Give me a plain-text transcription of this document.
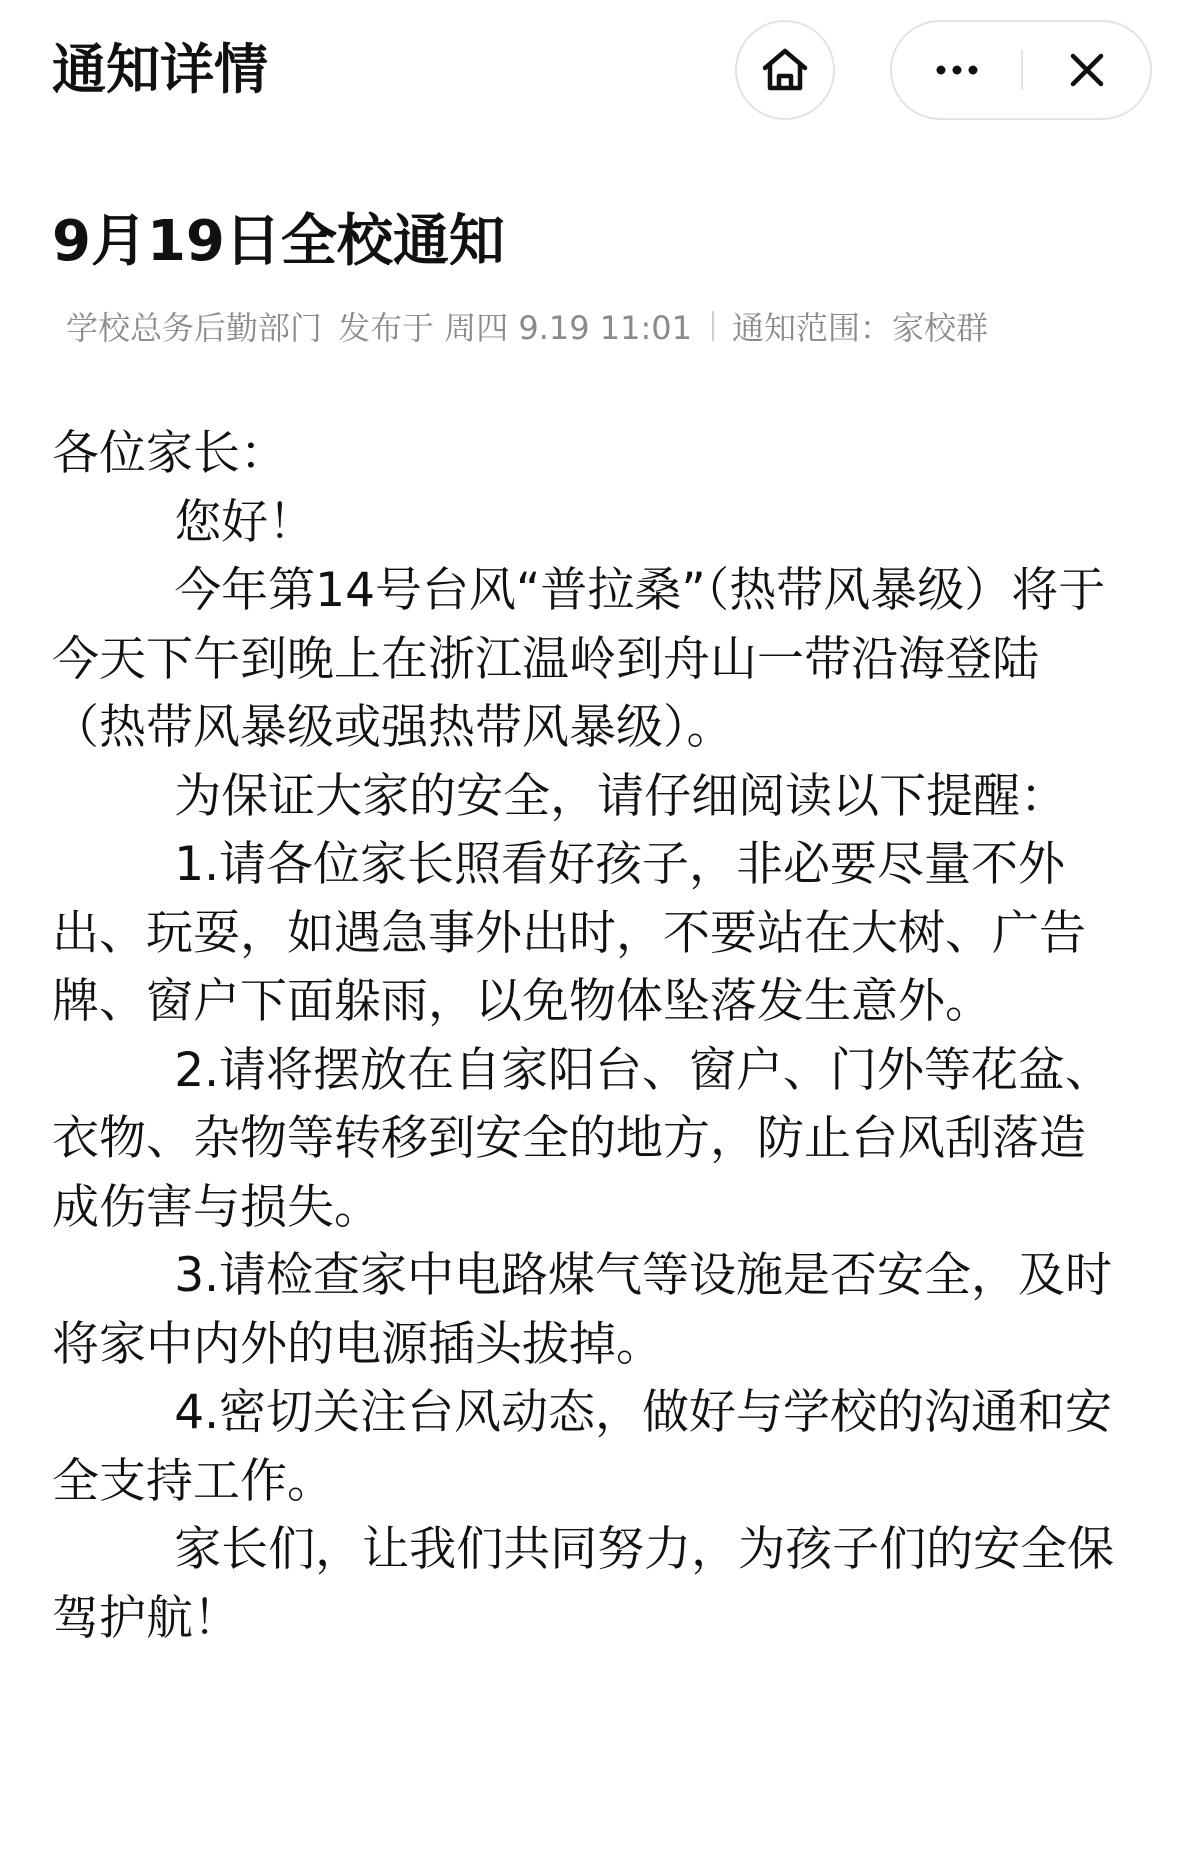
通知详情
9月19日全校通知
学校总务后勤部门 发布于 周四 9.19 11:01 通知范围：家校群

各位家长：

您好！

今年第14号台风“普拉桑”（热带风暴级）将于今天下午到晚上在浙江温岭到舟山一带沿海登陆（热带风暴级或强热带风暴级）。

为保证大家的安全，请仔细阅读以下提醒：

1.请各位家长照看好孩子，非必要尽量不外出、玩耍，如遇急事外出时，不要站在大树、广告牌、窗户下面躲雨，以免物体坠落发生意外。

2.请将摆放在自家阳台、窗户、门外等花盆、衣物、杂物等转移到安全的地方，防止台风刮落造成伤害与损失。

3.请检查家中电路煤气等设施是否安全，及时将家中内外的电源插头拔掉。

4.密切关注台风动态，做好与学校的沟通和安全支持工作。

家长们，让我们共同努力，为孩子们的安全保驾护航！
